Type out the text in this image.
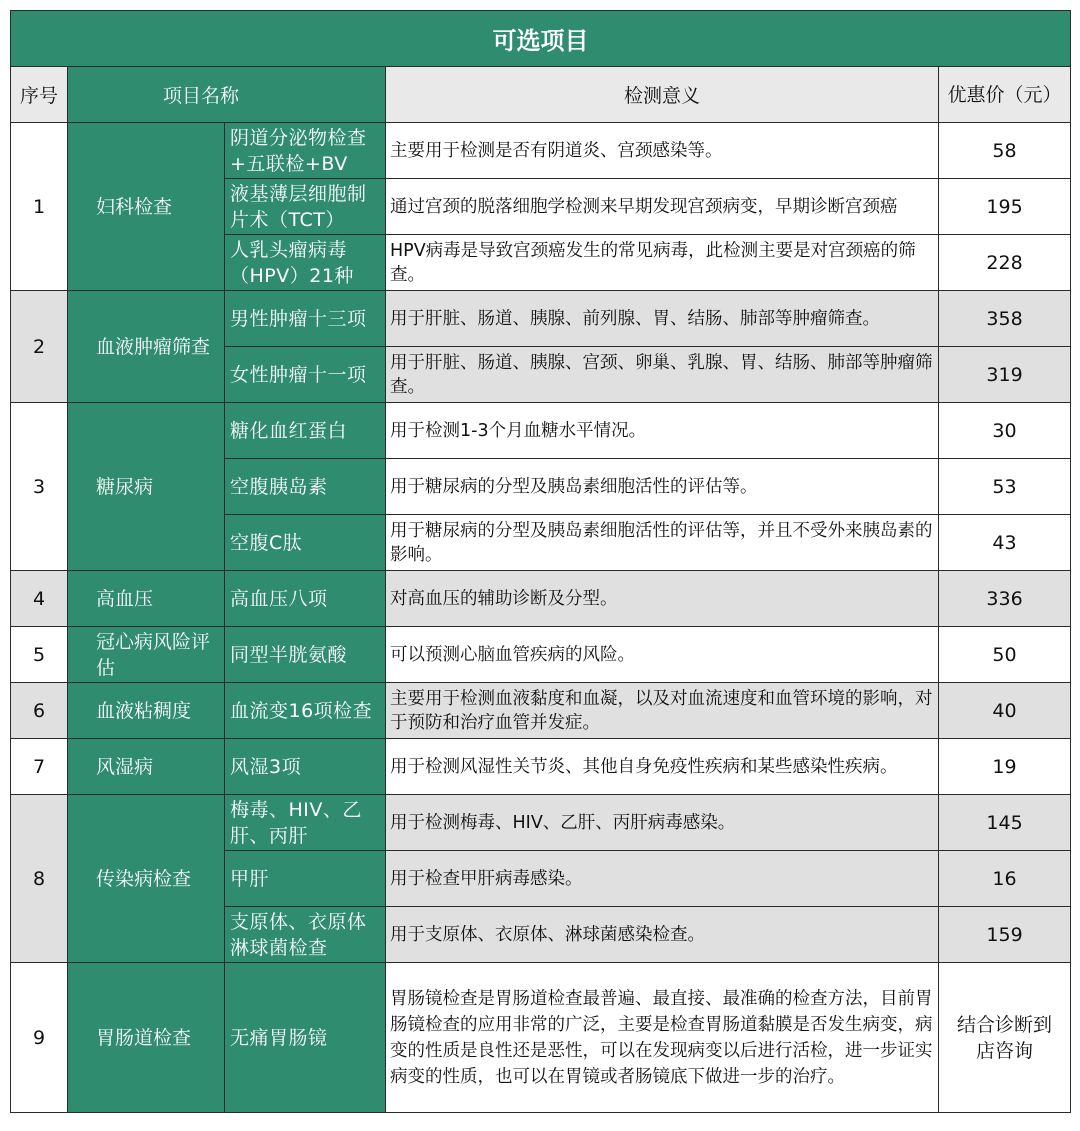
可选项目				
序号	项目名称		检测意义	优惠价（元）
1	妇科检查	阴道分泌物检查+五联检+BV	主要用于检测是否有阴道炎、宫颈感染等。	58
		液基薄层细胞制片术（TCT）	通过宫颈的脱落细胞学检测来早期发现宫颈病变，早期诊断宫颈癌	195
		人乳头瘤病毒（HPV）21种	HPV病毒是导致宫颈癌发生的常见病毒，此检测主要是对宫颈癌的筛查。	228
2	血液肿瘤筛查	男性肿瘤十三项	用于肝脏、肠道、胰腺、前列腺、胃、结肠、肺部等肿瘤筛查。	358
		女性肿瘤十一项	用于肝脏、肠道、胰腺、宫颈、卵巢、乳腺、胃、结肠、肺部等肿瘤筛查。	319
3	糖尿病	糖化血红蛋白	用于检测1-3个月血糖水平情况。	30
		空腹胰岛素	用于糖尿病的分型及胰岛素细胞活性的评估等。	53
		空腹C肽	用于糖尿病的分型及胰岛素细胞活性的评估等，并且不受外来胰岛素的影响。	43
4	高血压	高血压八项	对高血压的辅助诊断及分型。	336
5	冠心病风险评估	同型半胱氨酸	可以预测心脑血管疾病的风险。	50
6	血液粘稠度	血流变16项检查	主要用于检测血液黏度和血凝，以及对血流速度和血管环境的影响，对于预防和治疗血管并发症。	40
7	风湿病	风湿3项	用于检测风湿性关节炎、其他自身免疫性疾病和某些感染性疾病。	19
8	传染病检查	梅毒、HIV、乙肝、丙肝	用于检测梅毒、HIV、乙肝、丙肝病毒感染。	145
		甲肝	用于检查甲肝病毒感染。	16
		支原体、衣原体淋球菌检查	用于支原体、衣原体、淋球菌感染检查。	159
9	胃肠道检查	无痛胃肠镜	胃肠镜检查是胃肠道检查最普遍、最直接、最准确的检查方法，目前胃肠镜检查的应用非常的广泛，主要是检查胃肠道黏膜是否发生病变，病变的性质是良性还是恶性，可以在发现病变以后进行活检，进一步证实病变的性质，也可以在胃镜或者肠镜底下做进一步的治疗。	结合诊断到店咨询
